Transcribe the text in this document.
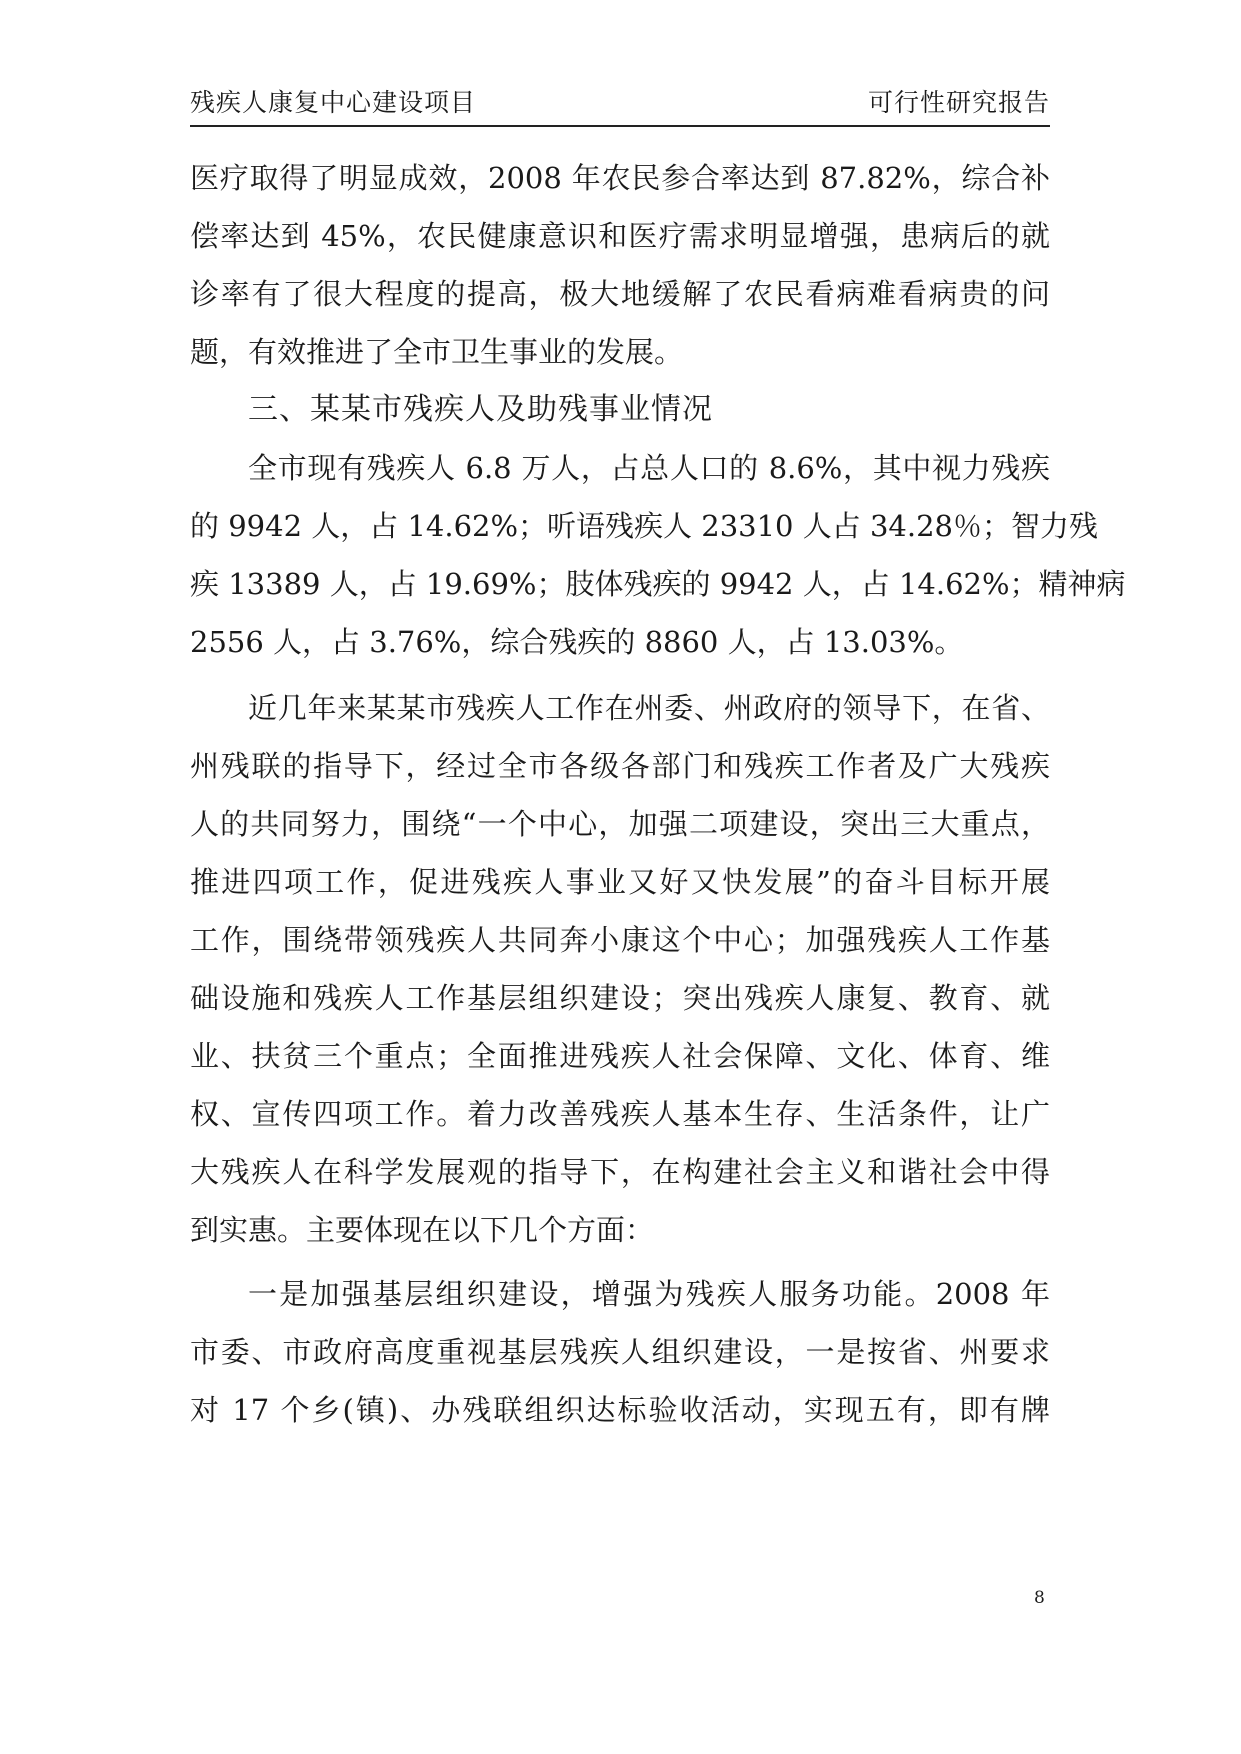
残疾人康复中心建设项目	可行性研究报告
医疗取得了明显成效，2008 年农民参合率达到 87.82%，综合补
偿率达到 45%，农民健康意识和医疗需求明显增强，患病后的就
诊率有了很大程度的提高，极大地缓解了农民看病难看病贵的问
题，有效推进了全市卫生事业的发展。
三、某某市残疾人及助残事业情况
全市现有残疾人 6.8 万人，占总人口的 8.6%，其中视力残疾
的 9942 人，占 14.62%；听语残疾人 23310 人占 34.28％；智力残
疾 13389 人，占 19.69%；肢体残疾的 9942 人，占 14.62%；精神病
2556 人，占 3.76%，综合残疾的 8860 人，占 13.03%。
近几年来某某市残疾人工作在州委、州政府的领导下，在省、
州残联的指导下，经过全市各级各部门和残疾工作者及广大残疾
人的共同努力，围绕“一个中心，加强二项建设，突出三大重点，
推进四项工作，促进残疾人事业又好又快发展”的奋斗目标开展
工作，围绕带领残疾人共同奔小康这个中心；加强残疾人工作基
础设施和残疾人工作基层组织建设；突出残疾人康复、教育、就
业、扶贫三个重点；全面推进残疾人社会保障、文化、体育、维
权、宣传四项工作。着力改善残疾人基本生存、生活条件，让广
大残疾人在科学发展观的指导下，在构建社会主义和谐社会中得
到实惠。主要体现在以下几个方面：
一是加强基层组织建设，增强为残疾人服务功能。2008 年
市委、市政府高度重视基层残疾人组织建设，一是按省、州要求
对 17 个乡(镇)、办残联组织达标验收活动，实现五有，即有牌
8
